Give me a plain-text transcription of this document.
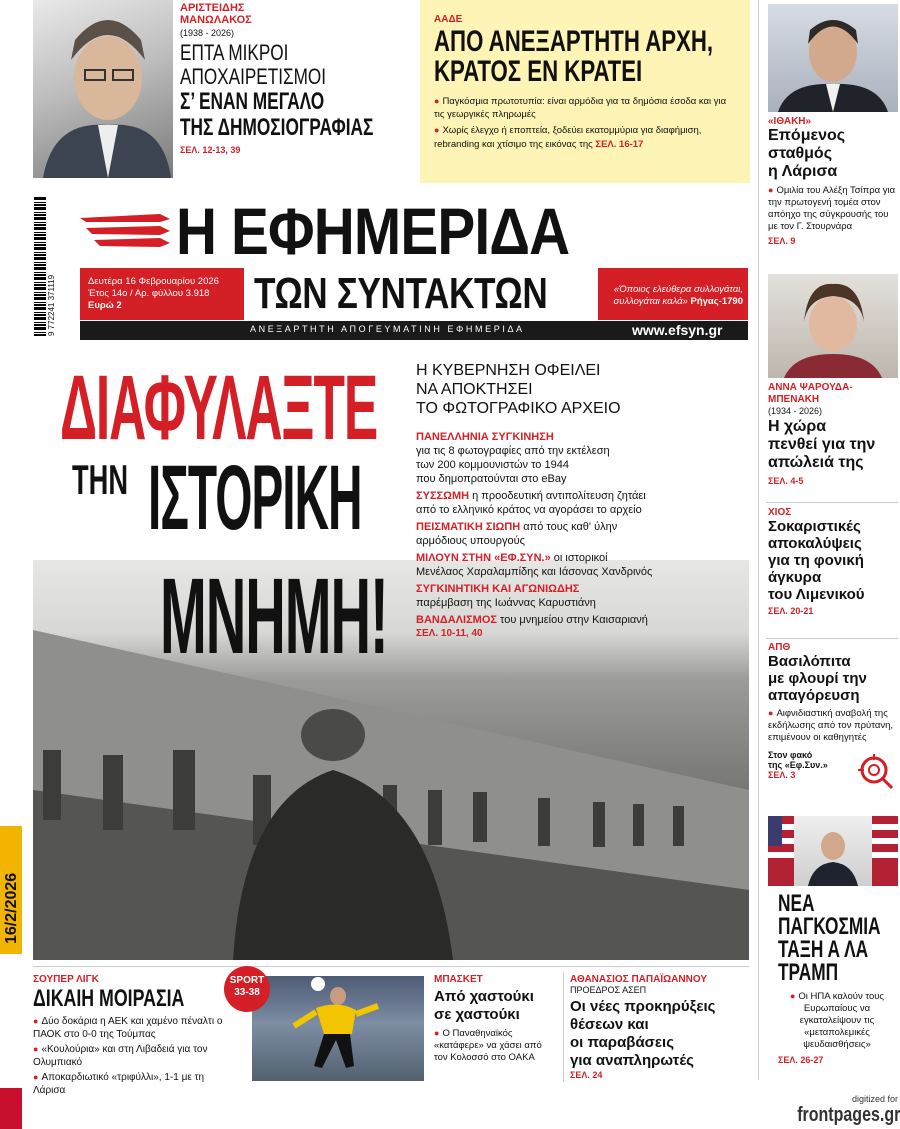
ΑΡΙΣΤΕΙΔΗΣ ΜΑΝΩΛΑΚΟΣ
(1938 - 2026)
ΕΠΤΑ ΜΙΚΡΟΙ
ΑΠΟΧΑΙΡΕΤΙΣΜΟΙ
Σ’ ΕΝΑΝ ΜΕΓΑΛΟ
ΤΗΣ ΔΗΜΟΣΙΟΓΡΑΦΙΑΣ
ΣΕΛ. 12-13, 39
ΑΑΔΕ
ΑΠΟ ΑΝΕΞΑΡΤΗΤΗ ΑΡΧΗ,
ΚΡΑΤΟΣ ΕΝ ΚΡΑΤΕΙ
● Παγκόσμια πρωτοτυπία: είναι αρμόδια για τα δημόσια έσοδα και για τις γεωργικές πληρωμές
● Χωρίς έλεγχο ή εποπτεία, ξοδεύει εκατομμύρια για διαφήμιση, rebranding και χτίσιμο της εικόνας της ΣΕΛ. 16-17
9 772241 371119
Η ΕΦΗΜΕΡΙΔΑ
Δευτέρα 16 Φεβρουαρίου 2026
Έτος 14ο / Αρ. φύλλου 3.918
Ευρώ 2	ΤΩΝ ΣΥΝΤΑΚΤΩΝ	«Όποιος ελεύθερα συλλογάται,
συλλογάται καλά» Ρήγας-1790
ΑΝΕΞΑΡΤΗΤΗ ΑΠΟΓΕΥΜΑΤΙΝΗ ΕΦΗΜΕΡΙΔΑ	www.efsyn.gr
ΔΙΑΦΥΛΑΞΤΕ
ΤΗΝ ΙΣΤΟΡΙΚΗ
ΜΝΗΜΗ!
Η ΚΥΒΕΡΝΗΣΗ ΟΦΕΙΛΕΙ
ΝΑ ΑΠΟΚΤΗΣΕΙ
ΤΟ ΦΩΤΟΓΡΑΦΙΚΟ ΑΡΧΕΙΟ
ΠΑΝΕΛΛΗΝΙΑ ΣΥΓΚΙΝΗΣΗ
για τις 8 φωτογραφίες από την εκτέλεση
των 200 κομμουνιστών το 1944
που δημοπρατούνται στο eBay
ΣΥΣΣΩΜΗ η προοδευτική αντιπολίτευση ζητάει
από το ελληνικό κράτος να αγοράσει το αρχείο
ΠΕΙΣΜΑΤΙΚΗ ΣΙΩΠΗ από τους καθ' ύλην
αρμόδιους υπουργούς
ΜΙΛΟΥΝ ΣΤΗΝ «ΕΦ.ΣΥΝ.» οι ιστορικοί
Μενέλαος Χαραλαμπίδης και Ιάσονας Χανδρινός
ΣΥΓΚΙΝΗΤΙΚΗ ΚΑΙ ΑΓΩΝΙΩΔΗΣ
παρέμβαση της Ιωάννας Καρυστιάνη
ΒΑΝΔΑΛΙΣΜΟΣ του μνημείου στην Καισαριανή
ΣΕΛ. 10-11, 40
«ΙΘΑΚΗ»
Επόμενος
σταθμός
η Λάρισα
● Ομιλία του Αλέξη Τσίπρα για την πρωτογενή τομέα στον απόηχο της σύγκρουσής του με τον Γ. Στουρνάρα
ΣΕΛ. 9
ΑΝΝΑ ΨΑΡΟΥΔΑ-ΜΠΕΝΑΚΗ
(1934 - 2026)
Η χώρα
πενθεί για την
απώλειά της
ΣΕΛ. 4-5
ΧΙΟΣ
Σοκαριστικές
αποκαλύψεις
για τη φονική
άγκυρα
του Λιμενικού
ΣΕΛ. 20-21
ΑΠΘ
Βασιλόπιτα
με φλουρί την
απαγόρευση
● Αιφνιδιαστική αναβολή της εκδήλωσης από τον πρύτανη, επιμένουν οι καθηγητές
Στον φακό
της «Εφ.Συν.»
ΣΕΛ. 3
ΝΕΑ
ΠΑΓΚΟΣΜΙΑ
ΤΑΞΗ Α ΛΑ
ΤΡΑΜΠ
● Οι ΗΠΑ καλούν τους Ευρωπαίους να εγκαταλείψουν τις «μεταπολεμικές ψευδαισθήσεις»
ΣΕΛ. 26-27
16/2/2026
ΣΟΥΠΕΡ ΛΙΓΚ
ΔΙΚΑΙΗ ΜΟΙΡΑΣΙΑ
● Δύο δοκάρια η ΑΕΚ και χαμένο πέναλτι ο ΠΑΟΚ στο 0-0 της Τούμπας
● «Κουλούρια» και στη Λιβαδειά για τον Ολυμπιακό
● Αποκαρδιωτικό «τριφύλλι», 1-1 με τη Λάρισα
SPORT
33-38
ΜΠΑΣΚΕΤ
Από χαστούκι
σε χαστούκι
● Ο Παναθηναϊκός «κατάφερε» να χάσει από τον Κολοσσό στο ΟΑΚΑ
ΑΘΑΝΑΣΙΟΣ ΠΑΠΑΪΩΑΝΝΟΥ
ΠΡΟΕΔΡΟΣ ΑΣΕΠ
Οι νέες προκηρύξεις
θέσεων και
οι παραβάσεις
για αναπληρωτές
ΣΕΛ. 24
digitized for
frontpages.gr
